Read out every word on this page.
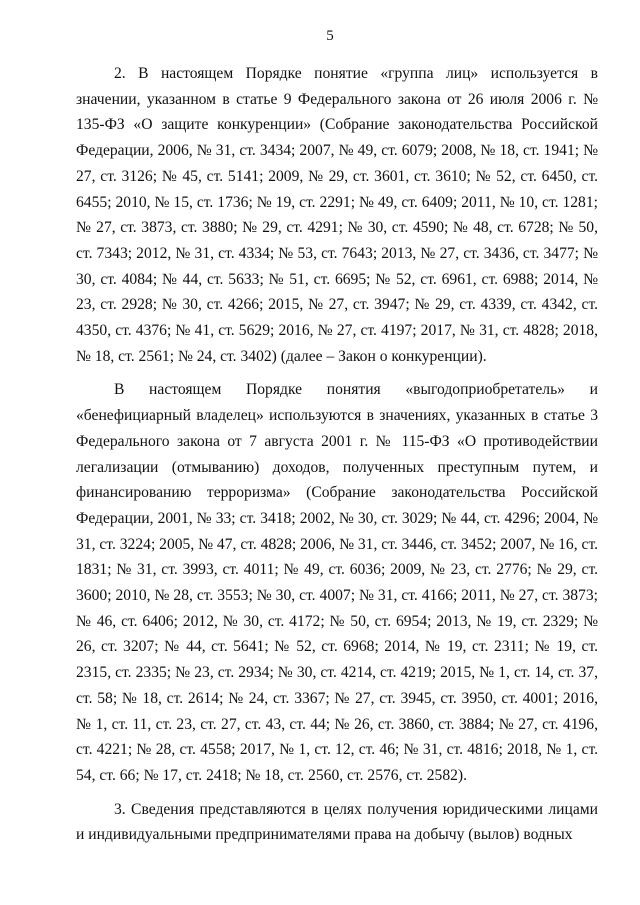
5

2. В настоящем Порядке понятие «группа лиц» используется в значении, указанном в статье 9 Федерального закона от 26 июля 2006 г. № 135-ФЗ «О защите конкуренции» (Собрание законодательства Российской Федерации, 2006, № 31, ст. 3434; 2007, № 49, ст. 6079; 2008, № 18, ст. 1941; № 27, ст. 3126; № 45, ст. 5141; 2009, № 29, ст. 3601, ст. 3610; № 52, ст. 6450, ст. 6455; 2010, № 15, ст. 1736; № 19, ст. 2291; № 49, ст. 6409; 2011, № 10, ст. 1281; № 27, ст. 3873, ст. 3880; № 29, ст. 4291; № 30, ст. 4590; № 48, ст. 6728; № 50, ст. 7343; 2012, № 31, ст. 4334; № 53, ст. 7643; 2013, № 27, ст. 3436, ст. 3477; № 30, ст. 4084; № 44, ст. 5633; № 51, ст. 6695; № 52, ст. 6961, ст. 6988; 2014, № 23, ст. 2928; № 30, ст. 4266; 2015, № 27, ст. 3947; № 29, ст. 4339, ст. 4342, ст. 4350, ст. 4376; № 41, ст. 5629; 2016, № 27, ст. 4197; 2017, № 31, ст. 4828; 2018, № 18, ст. 2561; № 24, ст. 3402) (далее – Закон о конкуренции).

В настоящем Порядке понятия «выгодоприобретатель» и «бенефициарный владелец» используются в значениях, указанных в статье 3 Федерального закона от 7 августа 2001 г. № 115-ФЗ «О противодействии легализации (отмыванию) доходов, полученных преступным путем, и финансированию терроризма» (Собрание законодательства Российской Федерации, 2001, № 33; ст. 3418; 2002, № 30, ст. 3029; № 44, ст. 4296; 2004, № 31, ст. 3224; 2005, № 47, ст. 4828; 2006, № 31, ст. 3446, ст. 3452; 2007, № 16, ст. 1831; № 31, ст. 3993, ст. 4011; № 49, ст. 6036; 2009, № 23, ст. 2776; № 29, ст. 3600; 2010, № 28, ст. 3553; № 30, ст. 4007; № 31, ст. 4166; 2011, № 27, ст. 3873; № 46, ст. 6406; 2012, № 30, ст. 4172; № 50, ст. 6954; 2013, № 19, ст. 2329; № 26, ст. 3207; № 44, ст. 5641; № 52, ст. 6968; 2014, № 19, ст. 2311; № 19, ст. 2315, ст. 2335; № 23, ст. 2934; № 30, ст. 4214, ст. 4219; 2015, № 1, ст. 14, ст. 37, ст. 58; № 18, ст. 2614; № 24, ст. 3367; № 27, ст. 3945, ст. 3950, ст. 4001; 2016, № 1, ст. 11, ст. 23, ст. 27, ст. 43, ст. 44; № 26, ст. 3860, ст. 3884; № 27, ст. 4196, ст. 4221; № 28, ст. 4558; 2017, № 1, ст. 12, ст. 46; № 31, ст. 4816; 2018, № 1, ст. 54, ст. 66; № 17, ст. 2418; № 18, ст. 2560, ст. 2576, ст. 2582).

3. Сведения представляются в целях получения юридическими лицами и индивидуальными предпринимателями права на добычу (вылов) водных
